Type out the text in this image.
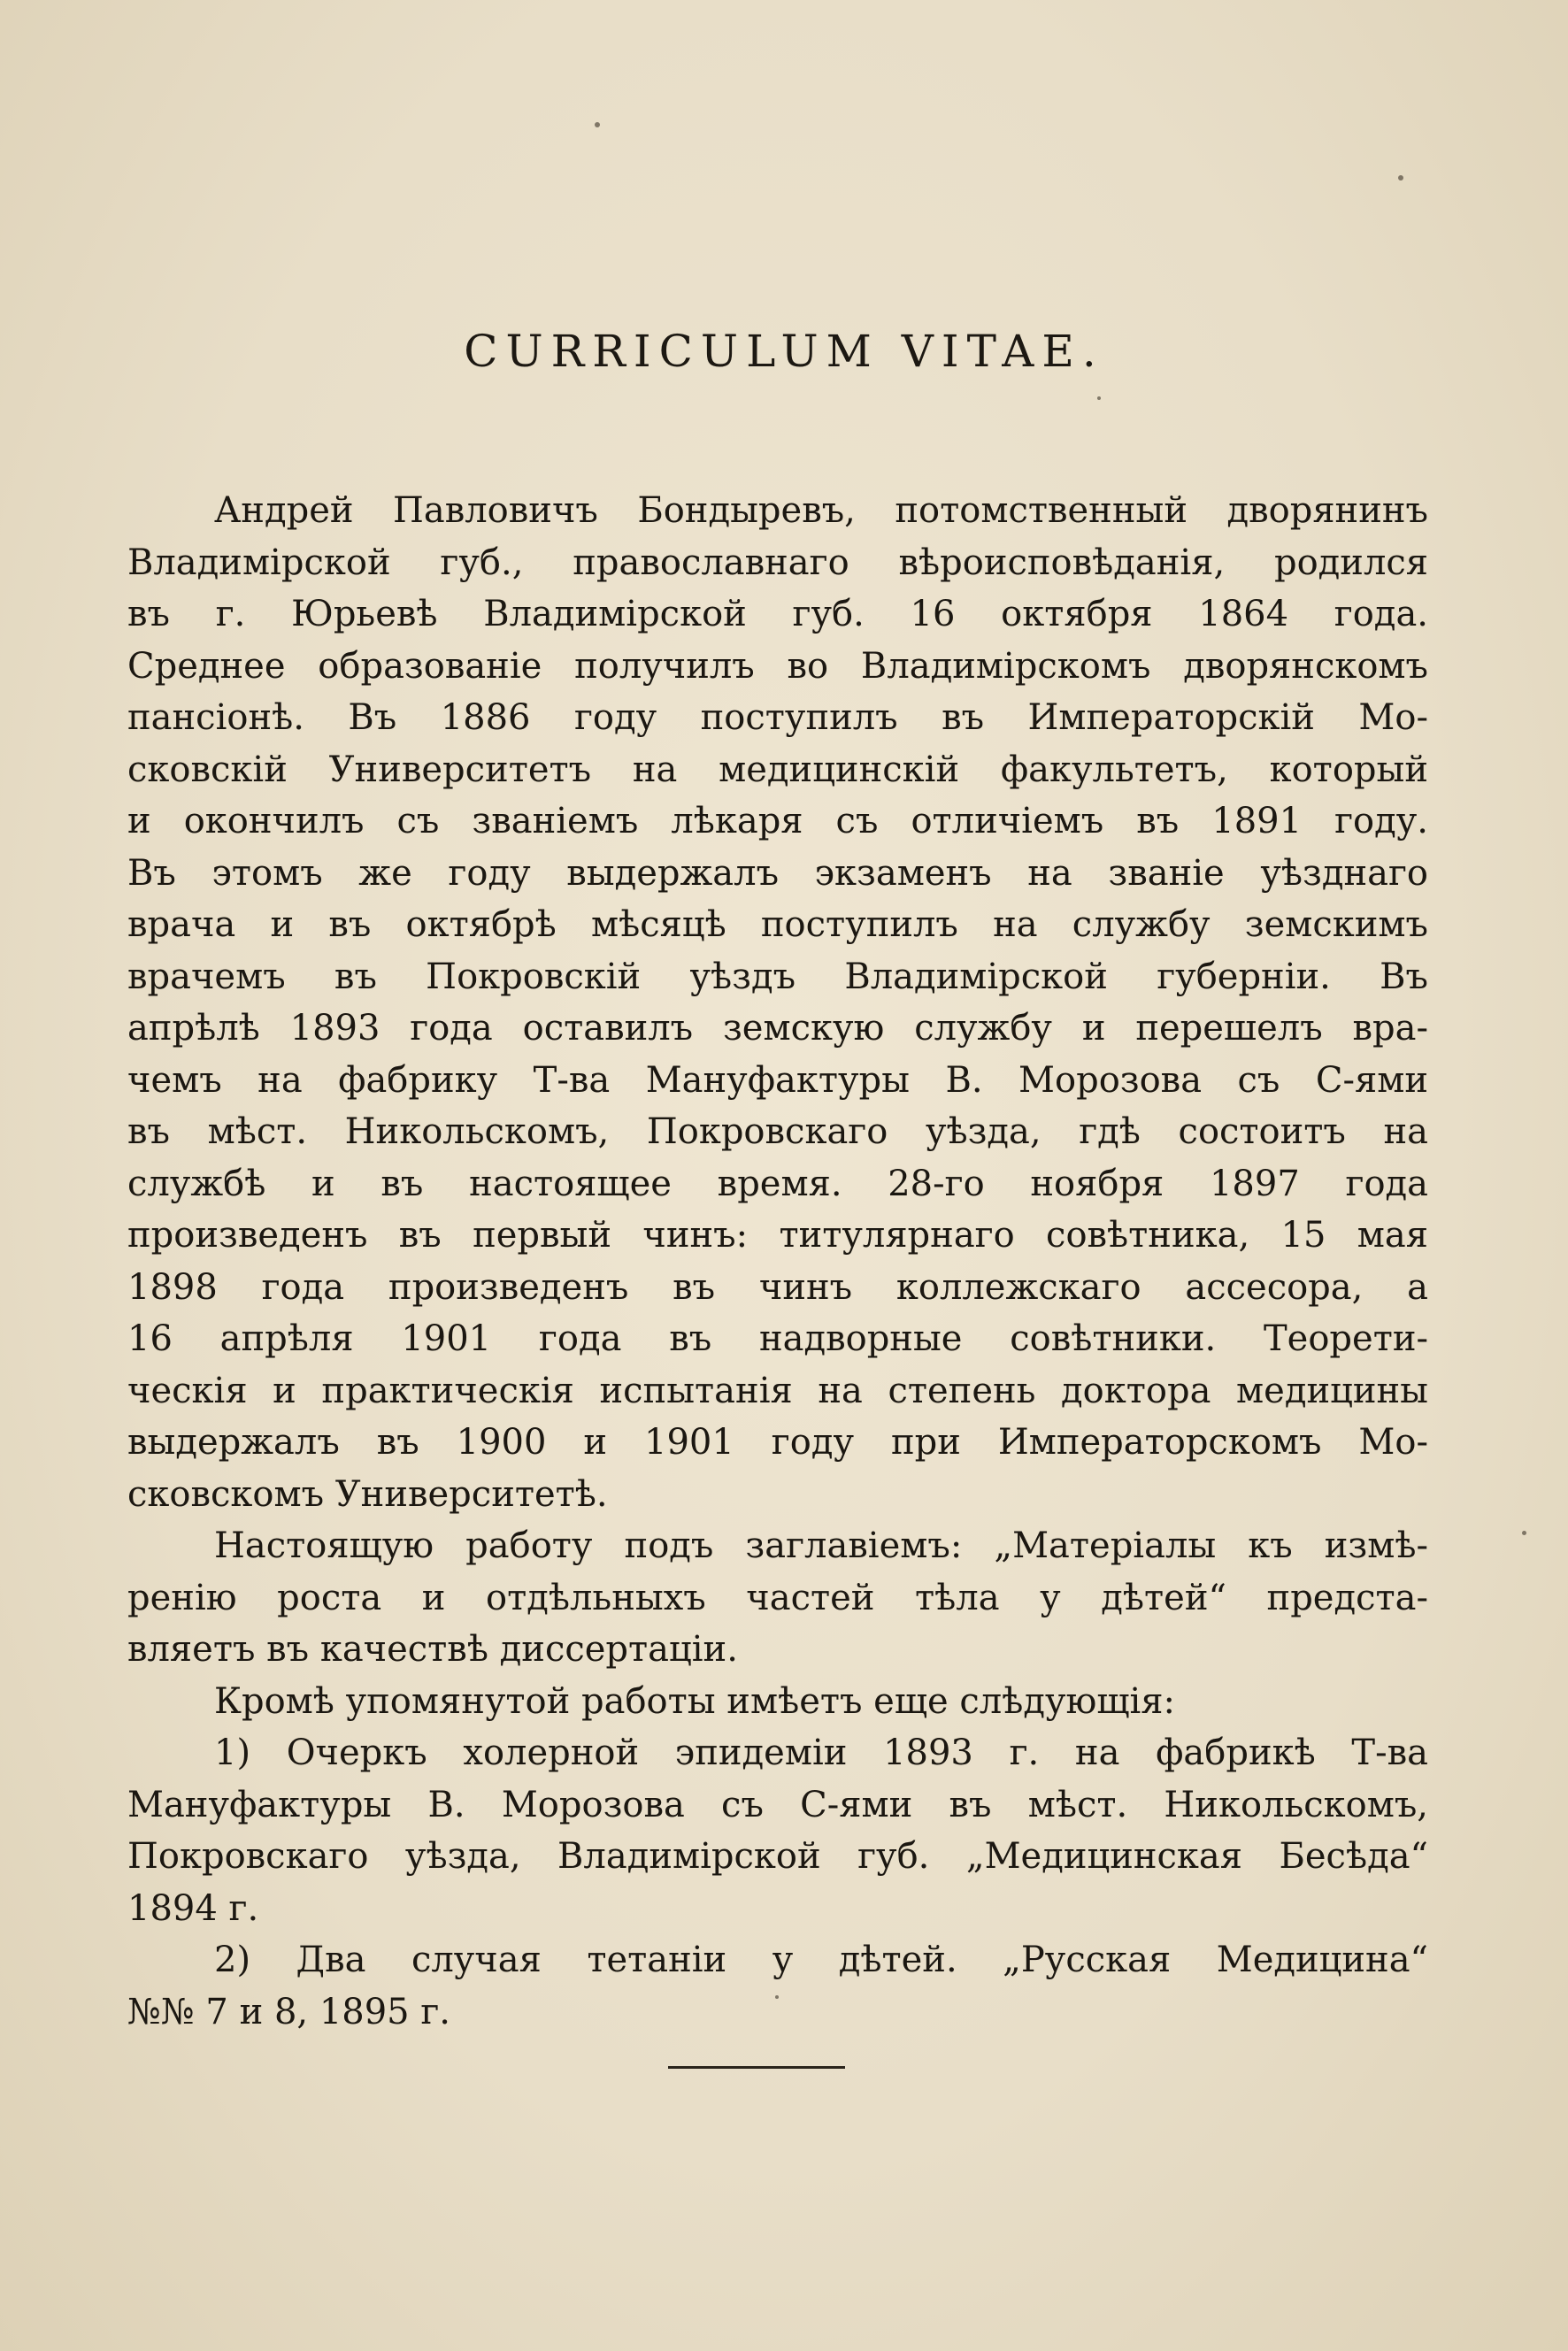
CURRICULUM VITAE.
Андрей Павловичъ Бондыревъ, потомственный дворянинъ
Владимірской губ., православнаго вѣроисповѣданія, родился
въ г. Юрьевѣ Владимірской губ. 16 октября 1864 года.
Среднее образованіе получилъ во Владимірскомъ дворянскомъ
пансіонѣ. Въ 1886 году поступилъ въ Императорскій Мо-
сковскій Университетъ на медицинскій факультетъ, который
и окончилъ съ званіемъ лѣкаря съ отличіемъ въ 1891 году.
Въ этомъ же году выдержалъ экзаменъ на званіе уѣзднаго
врача и въ октябрѣ мѣсяцѣ поступилъ на службу земскимъ
врачемъ въ Покровскій уѣздъ Владимірской губерніи. Въ
апрѣлѣ 1893 года оставилъ земскую службу и перешелъ вра-
чемъ на фабрику Т-ва Мануфактуры В. Морозова съ С-ями
въ мѣст. Никольскомъ, Покровскаго уѣзда, гдѣ состоитъ на
службѣ и въ настоящее время. 28-го ноября 1897 года
произведенъ въ первый чинъ: титулярнаго совѣтника, 15 мая
1898 года произведенъ въ чинъ коллежскаго ассесора, а
16 апрѣля 1901 года въ надворные совѣтники. Теорети-
ческія и практическія испытанія на степень доктора медицины
выдержалъ въ 1900 и 1901 году при Императорскомъ Мо-
сковскомъ Университетѣ.
Настоящую работу подъ заглавіемъ: „Матеріалы къ измѣ-
ренію роста и отдѣльныхъ частей тѣла у дѣтей“ предста-
вляетъ въ качествѣ диссертаціи.
Кромѣ упомянутой работы имѣетъ еще слѣдующія:
1) Очеркъ холерной эпидеміи 1893 г. на фабрикѣ Т-ва
Мануфактуры В. Морозова съ С-ями въ мѣст. Никольскомъ,
Покровскаго уѣзда, Владимірской губ. „Медицинская Бесѣда“
1894 г.
2) Два случая тетаніи у дѣтей. „Русская Медицина“
№№ 7 и 8, 1895 г.
